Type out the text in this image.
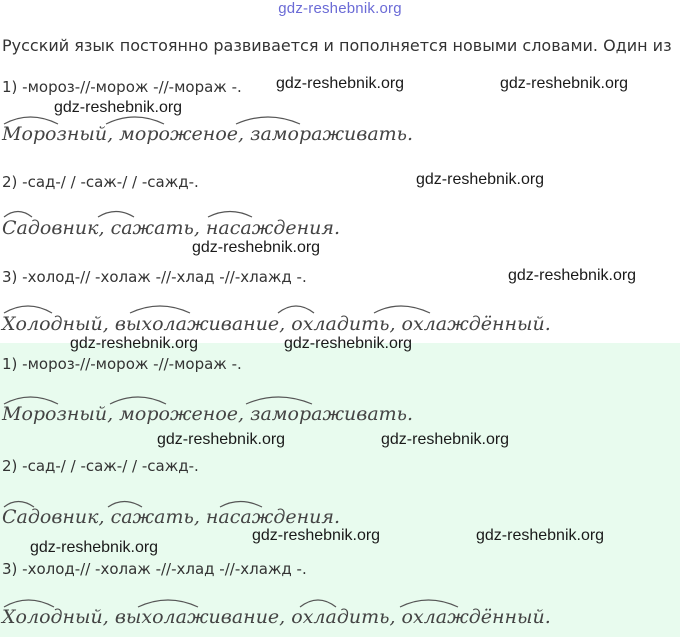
gdz-reshebnik.org
Русский язык постоянно развивается и пополняется новыми словами. Один из
1) -мороз-//-морож -//-мораж -.
Морозный, мороженое, замораживать.
2) -сад-/ / -саж-/ / -сажд-.
Садовник, сажать, насаждения.
3) -холод-// -холаж -//-хлад -//-хлажд -.
Холодный, выхолаживание, охладить, охлаждённый.
1) -мороз-//-морож -//-мораж -.
Морозный, мороженое, замораживать.
2) -сад-/ / -саж-/ / -сажд-.
Садовник, сажать, насаждения.
3) -холод-// -холаж -//-хлад -//-хлажд -.
Холодный, выхолаживание, охладить, охлаждённый.
gdz-reshebnik.org	gdz-reshebnik.org
gdz-reshebnik.org
gdz-reshebnik.org
gdz-reshebnik.org
gdz-reshebnik.org
gdz-reshebnik.org	gdz-reshebnik.org
gdz-reshebnik.org	gdz-reshebnik.org
gdz-reshebnik.org	gdz-reshebnik.org
gdz-reshebnik.org
